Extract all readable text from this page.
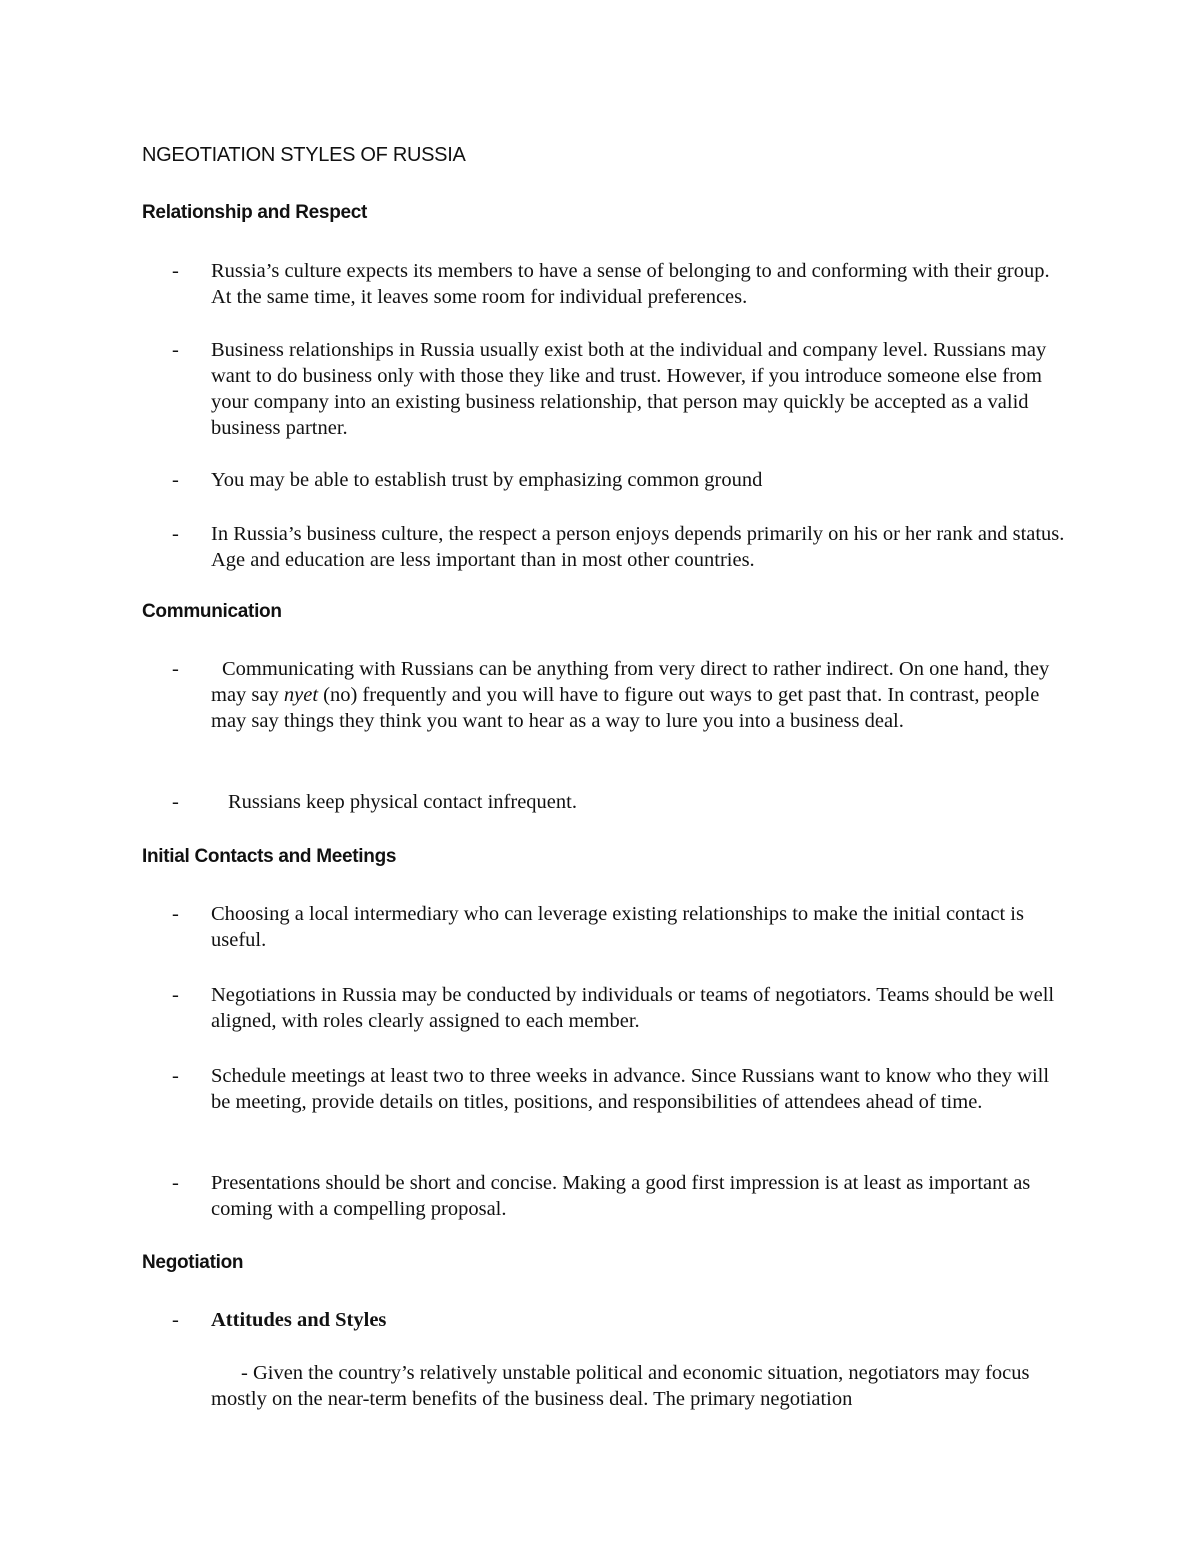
NGEOTIATION STYLES OF RUSSIA
Relationship and Respect
-	Russia’s culture expects its members to have a sense of belonging to and conforming with their group. At the same time, it leaves some room for individual preferences.
-	Business relationships in Russia usually exist both at the individual and company level. Russians may want to do business only with those they like and trust. However, if you introduce someone else from your company into an existing business relationship, that person may quickly be accepted as a valid business partner.
-	You may be able to establish trust by emphasizing common ground
-	In Russia’s business culture, the respect a person enjoys depends primarily on his or her rank and status. Age and education are less important than in most other countries.
Communication
-	Communicating with Russians can be anything from very direct to rather indirect. On one hand, they may say nyet (no) frequently and you will have to figure out ways to get past that. In contrast, people may say things they think you want to hear as a way to lure you into a business deal.
-	Russians keep physical contact infrequent.
Initial Contacts and Meetings
-	Choosing a local intermediary who can leverage existing relationships to make the initial contact is useful.
-	Negotiations in Russia may be conducted by individuals or teams of negotiators. Teams should be well aligned, with roles clearly assigned to each member.
-	Schedule meetings at least two to three weeks in advance. Since Russians want to know who they will be meeting, provide details on titles, positions, and responsibilities of attendees ahead of time.
-	Presentations should be short and concise. Making a good first impression is at least as important as coming with a compelling proposal.
Negotiation
-	Attitudes and Styles
- Given the country’s relatively unstable political and economic situation, negotiators may focus mostly on the near-term benefits of the business deal. The primary negotiation
